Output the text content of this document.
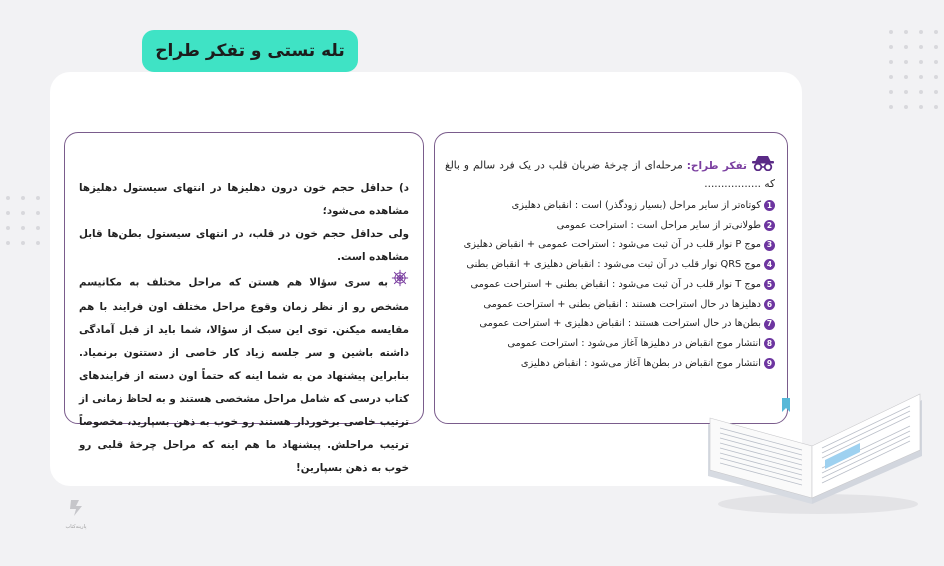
تله تستی و تفکر طراح
تفکر طراح:مرحله‌ای از چرخهٔ ضربان قلب در یک فرد سالم و بالغ که .................
1
کوتاه‌تر از سایر مراحل (بسیار زودگذر) است : انقباض دهلیزی
2
طولانی‌تر از سایر مراحل است : استراحت عمومی
3
موج P نوار قلب در آن ثبت می‌شود : استراحت عمومی + انقباض دهلیزی
4
موج QRS نوار قلب در آن ثبت می‌شود : انقباض دهلیزی + انقباض بطنی
5
موج T نوار قلب در آن ثبت می‌شود : انقباض بطنی + استراحت عمومی
6
دهلیزها در حال استراحت هستند : انقباض بطنی + استراحت عمومی
7
بطن‌ها در حال استراحت هستند : انقباض دهلیزی + استراحت عمومی
8
انتشار موج انقباض در دهلیزها آغاز می‌شود : استراحت عمومی
9
انتشار موج انقباض در بطن‌ها آغاز می‌شود : انقباض دهلیزی

د) حداقل حجم خون درون دهلیزها در انتهای سیستول دهلیزها مشاهده می‌شود؛
ولی حداقل حجم خون در قلب، در انتهای سیستول بطن‌ها قابل مشاهده است.
به سری سؤالا هم هستن که مراحل مختلف به مکانیسم مشخص رو از نظر زمان وقوع مراحل مختلف اون فرایند با هم مقایسه میکنن. توی این سبک از سؤالا، شما باید از قبل آمادگی داشته باشین و سر جلسه زیاد کار خاصی از دستتون برنمیاد. بنابراین پیشنهاد من به شما اینه که حتماً اون دسته از فرایندهای کتاب درسی که شامل مراحل مشخصی هستند و به لحاظ زمانی از ترتیب خاصی برخوردار هستند رو خوب به ذهن بسپارید، مخصوصاً ترتیب مراحلش. پیشنهاد ما هم اینه که مراحل چرخهٔ قلبی رو خوب به ذهن بسپارین!

پارینه‌کتاب
